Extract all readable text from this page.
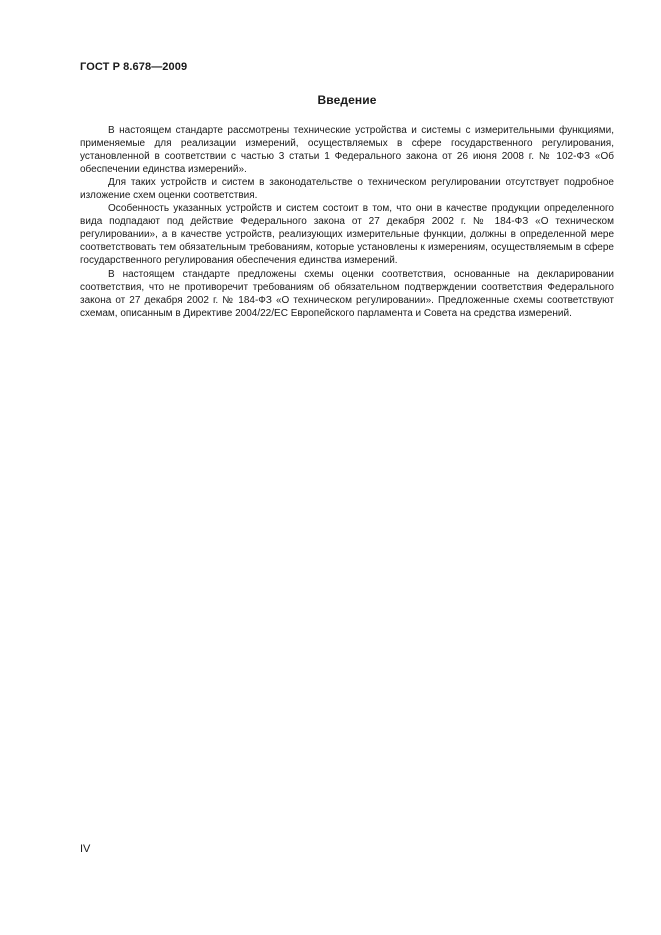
ГОСТ Р 8.678—2009
Введение

В настоящем стандарте рассмотрены технические устройства и системы с измерительными функциями, применяемые для реализации измерений, осуществляемых в сфере государственного регулирования, установленной в соответствии с частью 3 статьи 1 Федерального закона от 26 июня 2008 г. № 102-ФЗ «Об обеспечении единства измерений».

Для таких устройств и систем в законодательстве о техническом регулировании отсутствует подробное изложение схем оценки соответствия.

Особенность указанных устройств и систем состоит в том, что они в качестве продукции определенного вида подпадают под действие Федерального закона от 27 декабря 2002 г. № 184-ФЗ «О техническом регулировании», а в качестве устройств, реализующих измерительные функции, должны в определенной мере соответствовать тем обязательным требованиям, которые установлены к измерениям, осуществляемым в сфере государственного регулирования обеспечения единства измерений.

В настоящем стандарте предложены схемы оценки соответствия, основанные на декларировании соответствия, что не противоречит требованиям об обязательном подтверждении соответствия Федерального закона от 27 декабря 2002 г. № 184-ФЗ «О техническом регулировании». Предложенные схемы соответствуют схемам, описанным в Директиве 2004/22/ЕС Европейского парламента и Совета на средства измерений.

IV
